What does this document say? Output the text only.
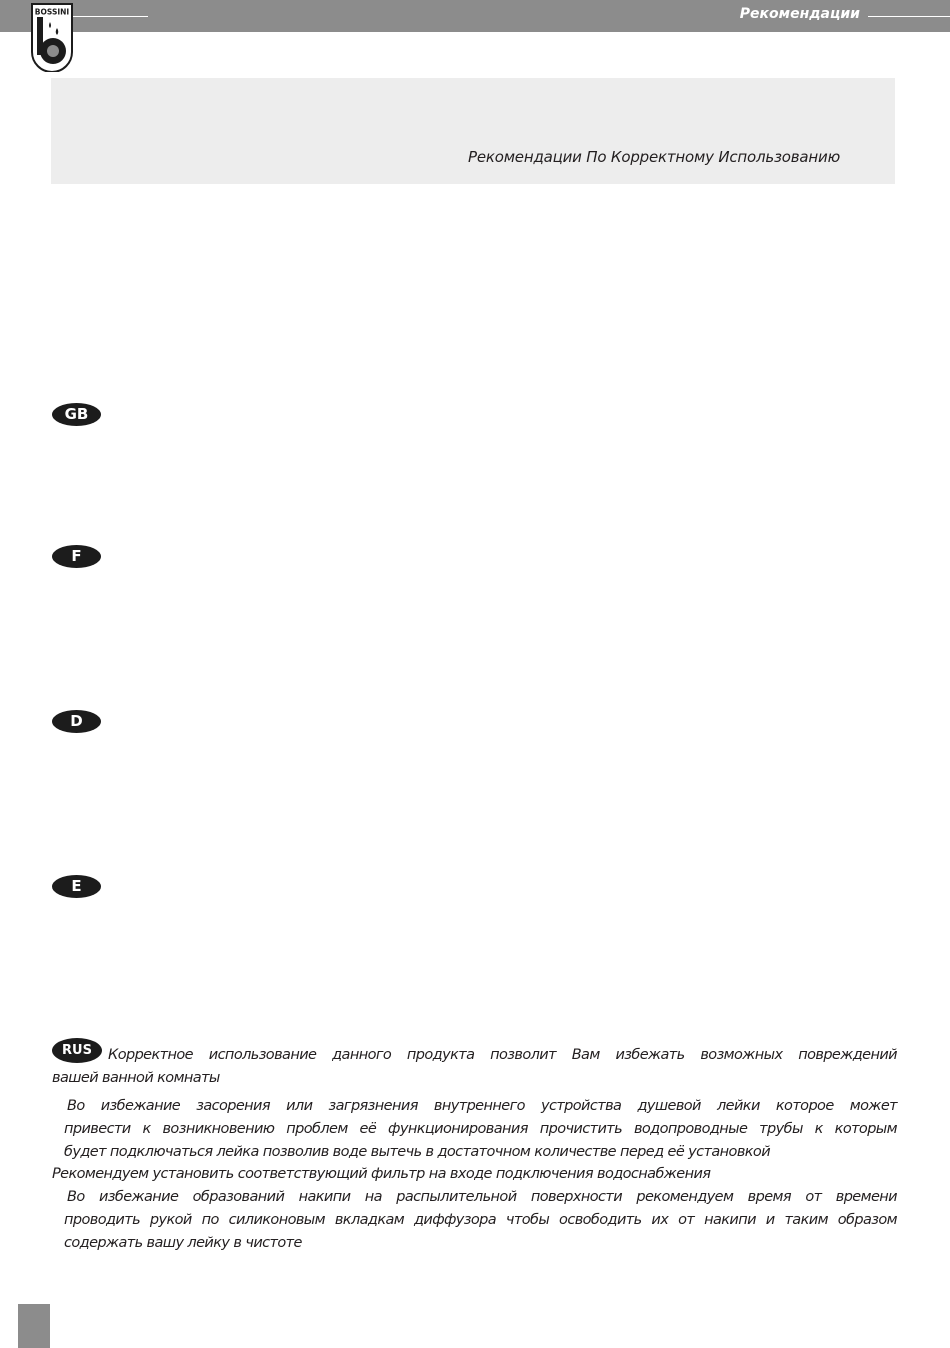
Рекомендации
BOSSINI
Рекомендации По Корректному Использованию
GB
F
D
E
RUS	Корректное использование данного продукта позволит Вам избежать возможных повреждений
вашей ванной комнаты
Во избежание засорения или загрязнения внутреннего устройства душевой лейки которое может
привести к возникновению проблем её функционирования прочистить водопроводные трубы к которым
будет подключаться лейка позволив воде вытечь в достаточном количестве перед её установкой
Рекомендуем установить соответствующий фильтр на входе подключения водоснабжения
Во избежание образований накипи на распылительной поверхности рекомендуем время от времени
проводить рукой по силиконовым вкладкам диффузора чтобы освободить их от накипи и таким образом
содержать вашу лейку в чистоте
